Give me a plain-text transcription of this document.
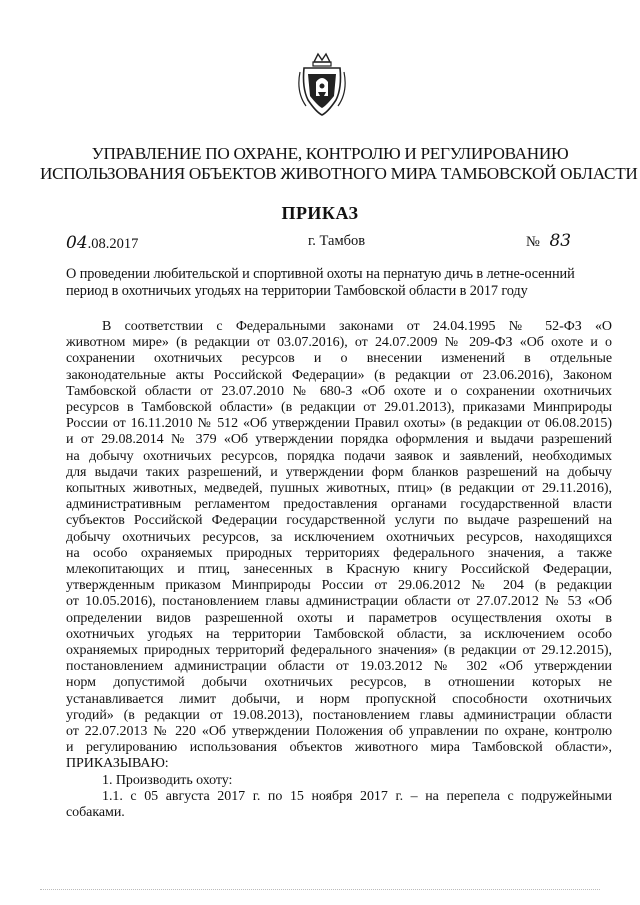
УПРАВЛЕНИЕ ПО ОХРАНЕ, КОНТРОЛЮ И РЕГУЛИРОВАНИЮ
ИСПОЛЬЗОВАНИЯ ОБЪЕКТОВ ЖИВОТНОГО МИРА ТАМБОВСКОЙ ОБЛАСТИ
ПРИКАЗ
04.08.2017	г. Тамбов	№ 83
О проведении любительской и спортивной охоты на пернатую дичь в летне-осенний
период в охотничьих угодьях на территории Тамбовской области в 2017 году
В соответствии с Федеральными законами от 24.04.1995 № 52-ФЗ «О
животном мире» (в редакции от 03.07.2016), от 24.07.2009 № 209-ФЗ «Об охоте и о
сохранении охотничьих ресурсов и о внесении изменений в отдельные
законодательные акты Российской Федерации» (в редакции от 23.06.2016), Законом
Тамбовской области от 23.07.2010 № 680-З «Об охоте и о сохранении охотничьих
ресурсов в Тамбовской области» (в редакции от 29.01.2013), приказами Минприроды
России от 16.11.2010 № 512 «Об утверждении Правил охоты» (в редакции от 06.08.2015)
и от 29.08.2014 № 379 «Об утверждении порядка оформления и выдачи разрешений
на добычу охотничьих ресурсов, порядка подачи заявок и заявлений, необходимых
для выдачи таких разрешений, и утверждении форм бланков разрешений на добычу
копытных животных, медведей, пушных животных, птиц» (в редакции от 29.11.2016),
административным регламентом предоставления органами государственной власти
субъектов Российской Федерации государственной услуги по выдаче разрешений на
добычу охотничьих ресурсов, за исключением охотничьих ресурсов, находящихся
на особо охраняемых природных территориях федерального значения, а также
млекопитающих и птиц, занесенных в Красную книгу Российской Федерации,
утвержденным приказом Минприроды России от 29.06.2012 № 204 (в редакции
от 10.05.2016), постановлением главы администрации области от 27.07.2012 № 53 «Об
определении видов разрешенной охоты и параметров осуществления охоты в
охотничьих угодьях на территории Тамбовской области, за исключением особо
охраняемых природных территорий федерального значения» (в редакции от 29.12.2015),
постановлением администрации области от 19.03.2012 № 302 «Об утверждении
норм допустимой добычи охотничьих ресурсов, в отношении которых не
устанавливается лимит добычи, и норм пропускной способности охотничьих
угодий» (в редакции от 19.08.2013), постановлением главы администрации области
от 22.07.2013 № 220 «Об утверждении Положения об управлении по охране, контролю
и регулированию использования объектов животного мира Тамбовской области»,
ПРИКАЗЫВАЮ:
1. Производить охоту:
1.1. с 05 августа 2017 г. по 15 ноября 2017 г. – на перепела с подружейными
собаками.
